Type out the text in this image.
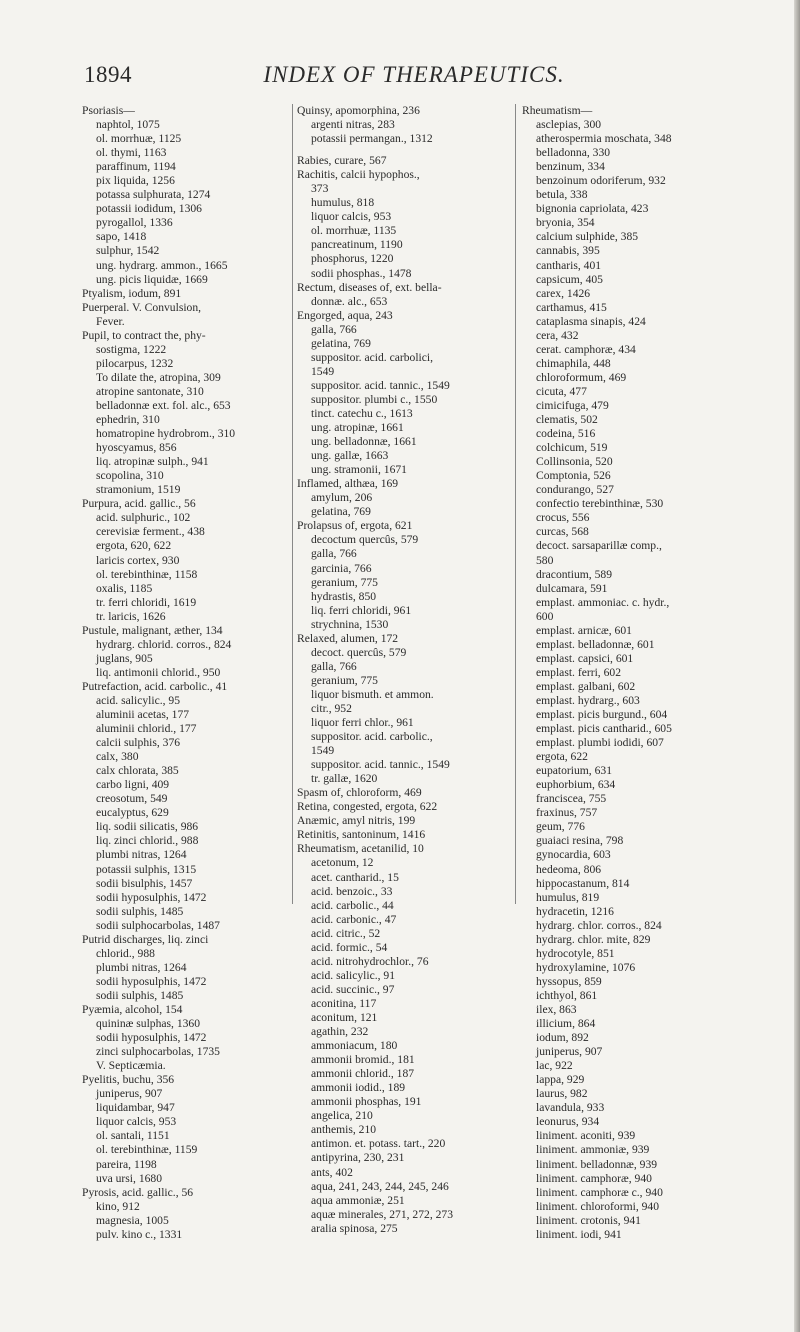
1894	INDEX OF THERAPEUTICS.
Psoriasis—
naphtol, 1075
ol. morrhuæ, 1125
ol. thymi, 1163
paraffinum, 1194
pix liquida, 1256
potassa sulphurata, 1274
potassii iodidum, 1306
pyrogallol, 1336
sapo, 1418
sulphur, 1542
ung. hydrarg. ammon., 1665
ung. picis liquidæ, 1669
Ptyalism, iodum, 891
Puerperal. V. Convulsion,
Fever.
Pupil, to contract the, phy-
sostigma, 1222
pilocarpus, 1232
To dilate the, atropina, 309
atropine santonate, 310
belladonnæ ext. fol. alc., 653
ephedrin, 310
homatropine hydrobrom., 310
hyoscyamus, 856
liq. atropinæ sulph., 941
scopolina, 310
stramonium, 1519
Purpura, acid. gallic., 56
acid. sulphuric., 102
cerevisiæ ferment., 438
ergota, 620, 622
laricis cortex, 930
ol. terebinthinæ, 1158
oxalis, 1185
tr. ferri chloridi, 1619
tr. laricis, 1626
Pustule, malignant, æther, 134
hydrarg. chlorid. corros., 824
juglans, 905
liq. antimonii chlorid., 950
Putrefaction, acid. carbolic., 41
acid. salicylic., 95
aluminii acetas, 177
aluminii chlorid., 177
calcii sulphis, 376
calx, 380
calx chlorata, 385
carbo ligni, 409
creosotum, 549
eucalyptus, 629
liq. sodii silicatis, 986
liq. zinci chlorid., 988
plumbi nitras, 1264
potassii sulphis, 1315
sodii bisulphis, 1457
sodii hyposulphis, 1472
sodii sulphis, 1485
sodii sulphocarbolas, 1487
Putrid discharges, liq. zinci
chlorid., 988
plumbi nitras, 1264
sodii hyposulphis, 1472
sodii sulphis, 1485
Pyæmia, alcohol, 154
quininæ sulphas, 1360
sodii hyposulphis, 1472
zinci sulphocarbolas, 1735
V. Septicæmia.
Pyelitis, buchu, 356
juniperus, 907
liquidambar, 947
liquor calcis, 953
ol. santali, 1151
ol. terebinthinæ, 1159
pareira, 1198
uva ursi, 1680
Pyrosis, acid. gallic., 56
kino, 912
magnesia, 1005
pulv. kino c., 1331
Quinsy, apomorphina, 236
argenti nitras, 283
potassii permangan., 1312
Rabies, curare, 567
Rachitis, calcii hypophos.,
373
humulus, 818
liquor calcis, 953
ol. morrhuæ, 1135
pancreatinum, 1190
phosphorus, 1220
sodii phosphas., 1478
Rectum, diseases of, ext. bella-
donnæ. alc., 653
Engorged, aqua, 243
galla, 766
gelatina, 769
suppositor. acid. carbolici,
1549
suppositor. acid. tannic., 1549
suppositor. plumbi c., 1550
tinct. catechu c., 1613
ung. atropinæ, 1661
ung. belladonnæ, 1661
ung. gallæ, 1663
ung. stramonii, 1671
Inflamed, althæa, 169
amylum, 206
gelatina, 769
Prolapsus of, ergota, 621
decoctum quercûs, 579
galla, 766
garcinia, 766
geranium, 775
hydrastis, 850
liq. ferri chloridi, 961
strychnina, 1530
Relaxed, alumen, 172
decoct. quercûs, 579
galla, 766
geranium, 775
liquor bismuth. et ammon.
citr., 952
liquor ferri chlor., 961
suppositor. acid. carbolic.,
1549
suppositor. acid. tannic., 1549
tr. gallæ, 1620
Spasm of, chloroform, 469
Retina, congested, ergota, 622
Anæmic, amyl nitris, 199
Retinitis, santoninum, 1416
Rheumatism, acetanilid, 10
acetonum, 12
acet. cantharid., 15
acid. benzoic., 33
acid. carbolic., 44
acid. carbonic., 47
acid. citric., 52
acid. formic., 54
acid. nitrohydrochlor., 76
acid. salicylic., 91
acid. succinic., 97
aconitina, 117
aconitum, 121
agathin, 232
ammoniacum, 180
ammonii bromid., 181
ammonii chlorid., 187
ammonii iodid., 189
ammonii phosphas, 191
angelica, 210
anthemis, 210
antimon. et. potass. tart., 220
antipyrina, 230, 231
ants, 402
aqua, 241, 243, 244, 245, 246
aqua ammoniæ, 251
aquæ minerales, 271, 272, 273
aralia spinosa, 275
Rheumatism—
asclepias, 300
atherospermia moschata, 348
belladonna, 330
benzinum, 334
benzoinum odoriferum, 932
betula, 338
bignonia capriolata, 423
bryonia, 354
calcium sulphide, 385
cannabis, 395
cantharis, 401
capsicum, 405
carex, 1426
carthamus, 415
cataplasma sinapis, 424
cera, 432
cerat. camphoræ, 434
chimaphila, 448
chloroformum, 469
cicuta, 477
cimicifuga, 479
clematis, 502
codeina, 516
colchicum, 519
Collinsonia, 520
Comptonia, 526
condurango, 527
confectio terebinthinæ, 530
crocus, 556
curcas, 568
decoct. sarsaparillæ comp.,
580
dracontium, 589
dulcamara, 591
emplast. ammoniac. c. hydr.,
600
emplast. arnicæ, 601
emplast. belladonnæ, 601
emplast. capsici, 601
emplast. ferri, 602
emplast. galbani, 602
emplast. hydrarg., 603
emplast. picis burgund., 604
emplast. picis cantharid., 605
emplast. plumbi iodidi, 607
ergota, 622
eupatorium, 631
euphorbium, 634
franciscea, 755
fraxinus, 757
geum, 776
guaiaci resina, 798
gynocardia, 603
hedeoma, 806
hippocastanum, 814
humulus, 819
hydracetin, 1216
hydrarg. chlor. corros., 824
hydrarg. chlor. mite, 829
hydrocotyle, 851
hydroxylamine, 1076
hyssopus, 859
ichthyol, 861
ilex, 863
illicium, 864
iodum, 892
juniperus, 907
lac, 922
lappa, 929
laurus, 982
lavandula, 933
leonurus, 934
liniment. aconiti, 939
liniment. ammoniæ, 939
liniment. belladonnæ, 939
liniment. camphoræ, 940
liniment. camphoræ c., 940
liniment. chloroformi, 940
liniment. crotonis, 941
liniment. iodi, 941
